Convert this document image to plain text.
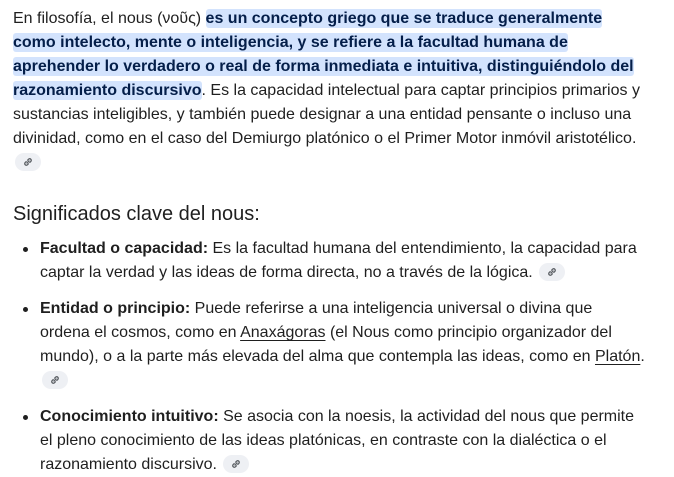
En filosofía, el nous (νοῦς) es un concepto griego que se traduce generalmente como intelecto, mente o inteligencia, y se refiere a la facultad humana de aprehender lo verdadero o real de forma inmediata e intuitiva, distinguiéndolo del razonamiento discursivo. Es la capacidad intelectual para captar principios primarios y sustancias inteligibles, y también puede designar a una entidad pensante o incluso una divinidad, como en el caso del Demiurgo platónico o el Primer Motor inmóvil aristotélico.

Significados clave del nous:
Facultad o capacidad: Es la facultad humana del entendimiento, la capacidad para captar la verdad y las ideas de forma directa, no a través de la lógica.
Entidad o principio: Puede referirse a una inteligencia universal o divina que ordena el cosmos, como en Anaxágoras (el Nous como principio organizador del mundo), o a la parte más elevada del alma que contempla las ideas, como en Platón.
Conocimiento intuitivo: Se asocia con la noesis, la actividad del nous que permite el pleno conocimiento de las ideas platónicas, en contraste con la dialéctica o el razonamiento discursivo.
